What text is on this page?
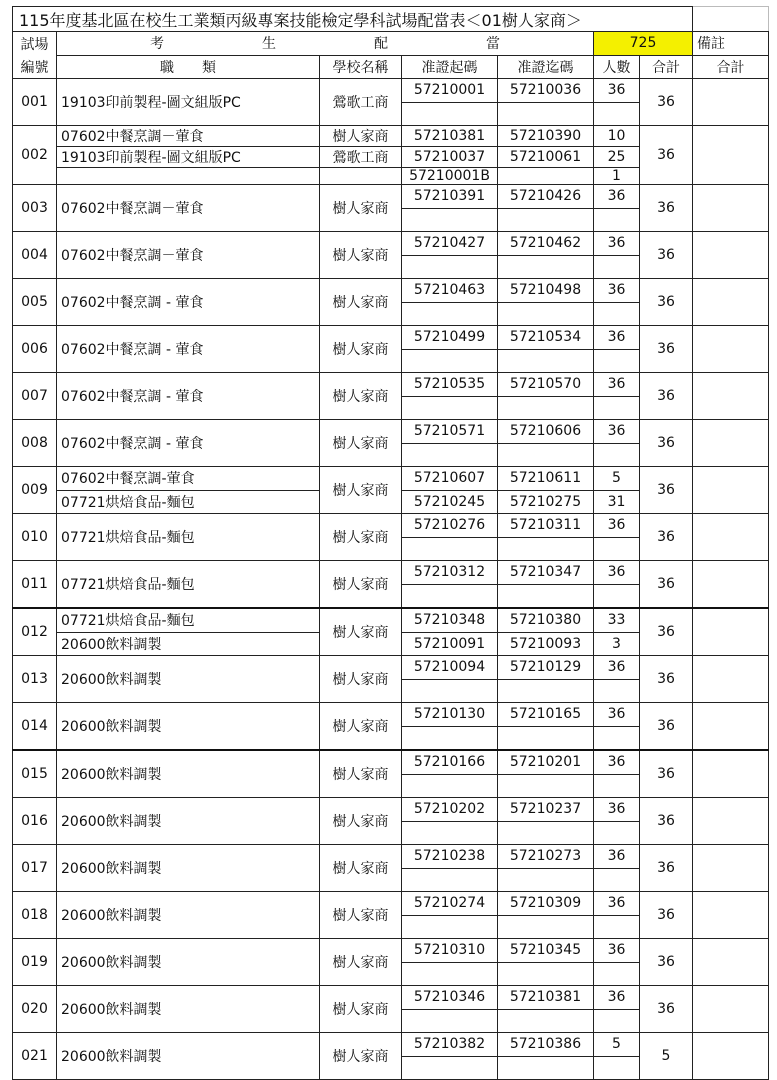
115年度基北區在校生工業類丙級專案技能檢定學科試場配當表＜01樹人家商＞							
試場	考 生 配 當				725		備註
編號	職　　類	學校名稱	准證起碼	准證迄碼	人數	合計	合計
001	19103印前製程-圖文組版PC	鶯歌工商	57210001	57210036	36	36	

002	07602中餐烹調－葷食	樹人家商	57210381	57210390	10	36	
	19103印前製程-圖文組版PC	鶯歌工商	57210037	57210061	25		
			57210001B		1		
003	07602中餐烹調－葷食	樹人家商	57210391	57210426	36	36	

004	07602中餐烹調－葷食	樹人家商	57210427	57210462	36	36	

005	07602中餐烹調 - 葷食	樹人家商	57210463	57210498	36	36	

006	07602中餐烹調 - 葷食	樹人家商	57210499	57210534	36	36	

007	07602中餐烹調 - 葷食	樹人家商	57210535	57210570	36	36	

008	07602中餐烹調 - 葷食	樹人家商	57210571	57210606	36	36	

009	07602中餐烹調-葷食	樹人家商	57210607	57210611	5	36	
	07721烘焙食品-麵包		57210245	57210275	31		
010	07721烘焙食品-麵包	樹人家商	57210276	57210311	36	36	

011	07721烘焙食品-麵包	樹人家商	57210312	57210347	36	36	

012	07721烘焙食品-麵包	樹人家商	57210348	57210380	33	36	
	20600飲料調製		57210091	57210093	3		
013	20600飲料調製	樹人家商	57210094	57210129	36	36	

014	20600飲料調製	樹人家商	57210130	57210165	36	36	

015	20600飲料調製	樹人家商	57210166	57210201	36	36	

016	20600飲料調製	樹人家商	57210202	57210237	36	36	

017	20600飲料調製	樹人家商	57210238	57210273	36	36	

018	20600飲料調製	樹人家商	57210274	57210309	36	36	

019	20600飲料調製	樹人家商	57210310	57210345	36	36	

020	20600飲料調製	樹人家商	57210346	57210381	36	36	

021	20600飲料調製	樹人家商	57210382	57210386	5	5	
